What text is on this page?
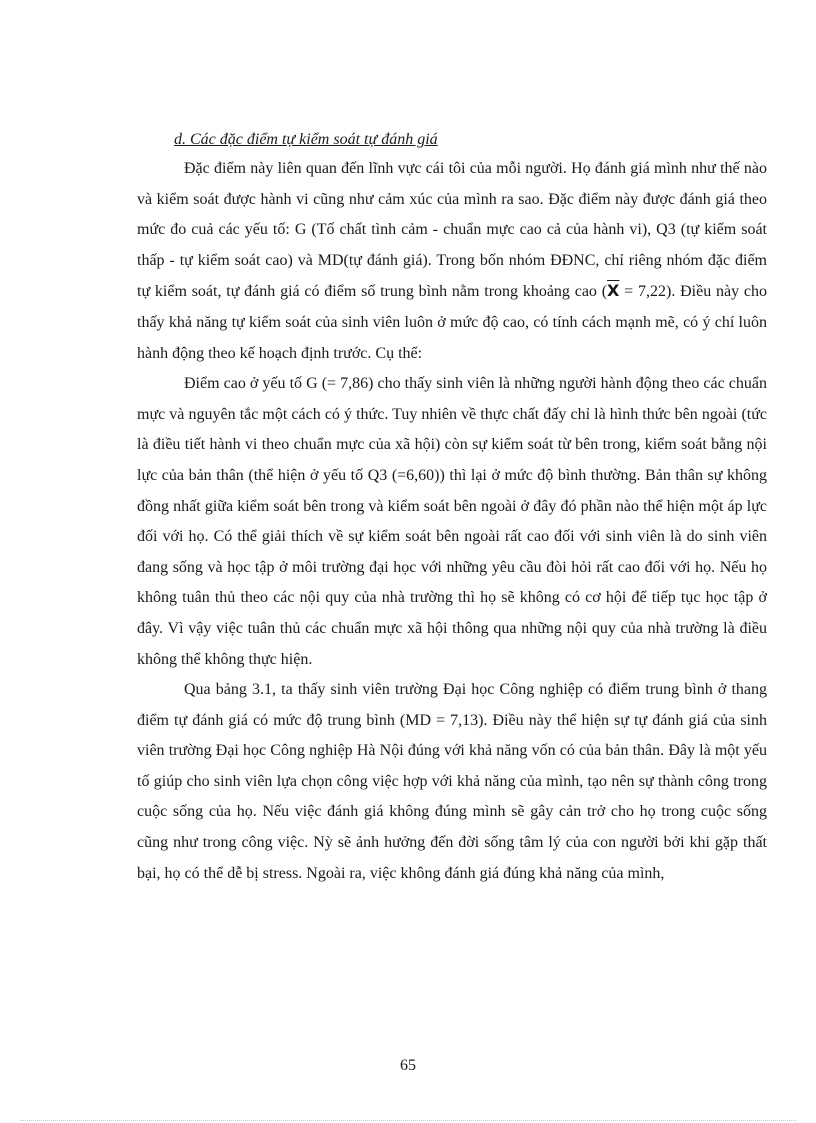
d. Các đặc điểm tự kiểm soát tự đánh giá

Đặc điểm này liên quan đến lĩnh vực cái tôi của mỗi người. Họ đánh giá mình như thế nào và kiểm soát được hành vi cũng như cảm xúc của mình ra sao. Đặc điểm này được đánh giá theo mức đo cuả các yếu tố: G (Tố chất tình cảm - chuẩn mực cao cả của hành vi), Q3 (tự kiểm soát thấp - tự kiểm soát cao) và MD(tự đánh giá). Trong bốn nhóm ĐĐNC, chỉ riêng nhóm đặc điểm tự kiểm soát, tự đánh giá có điểm số trung bình nằm trong khoảng cao $(\overline{X} = 7,22)$. Điều này cho thấy khả năng tự kiểm soát của sinh viên luôn ở mức độ cao, có tính cách mạnh mẽ, có ý chí luôn hành động theo kế hoạch định trước. Cụ thể:

Điểm cao ở yếu tố G (= 7,86) cho thấy sinh viên là những người hành động theo các chuẩn mực và nguyên tắc một cách có ý thức. Tuy nhiên về thực chất đấy chỉ là hình thức bên ngoài (tức là điều tiết hành vi theo chuẩn mực của xã hội) còn sự kiểm soát từ bên trong, kiểm soát bằng nội lực của bản thân (thể hiện ở yếu tố Q3 (=6,60)) thì lại ở mức độ bình thường. Bản thân sự không đồng nhất giữa kiểm soát bên trong và kiểm soát bên ngoài ở đây đó phần nào thể hiện một áp lực đối với họ. Có thể giải thích về sự kiểm soát bên ngoài rất cao đối với sinh viên là do sinh viên đang sống và học tập ở môi trường đại học với những yêu cầu đòi hỏi rất cao đối với họ. Nếu họ không tuân thủ theo các nội quy của nhà trường thì họ sẽ không có cơ hội để tiếp tục học tập ở đây. Vì vậy việc tuân thủ các chuẩn mực xã hội thông qua những nội quy của nhà trường là điều không thể không thực hiện.

Qua bảng 3.1, ta thấy sinh viên trường Đại học Công nghiệp có điểm trung bình ở thang điểm tự đánh giá có mức độ trung bình (MD = 7,13). Điều này thể hiện sự tự đánh giá của sinh viên trường Đại học Công nghiệp Hà Nội đúng với khả năng vốn có của bản thân. Đây là một yếu tố giúp cho sinh viên lựa chọn công việc hợp với khả năng của mình, tạo nên sự thành công trong cuộc sống của họ. Nếu việc đánh giá không đúng mình sẽ gây cản trở cho họ trong cuộc sống cũng như trong công việc. Nỳ sẽ ảnh hưởng đến đời sống tâm lý của con người bởi khi gặp thất bại, họ có thể dễ bị stress. Ngoài ra, việc không đánh giá đúng khả năng của mình,

65
